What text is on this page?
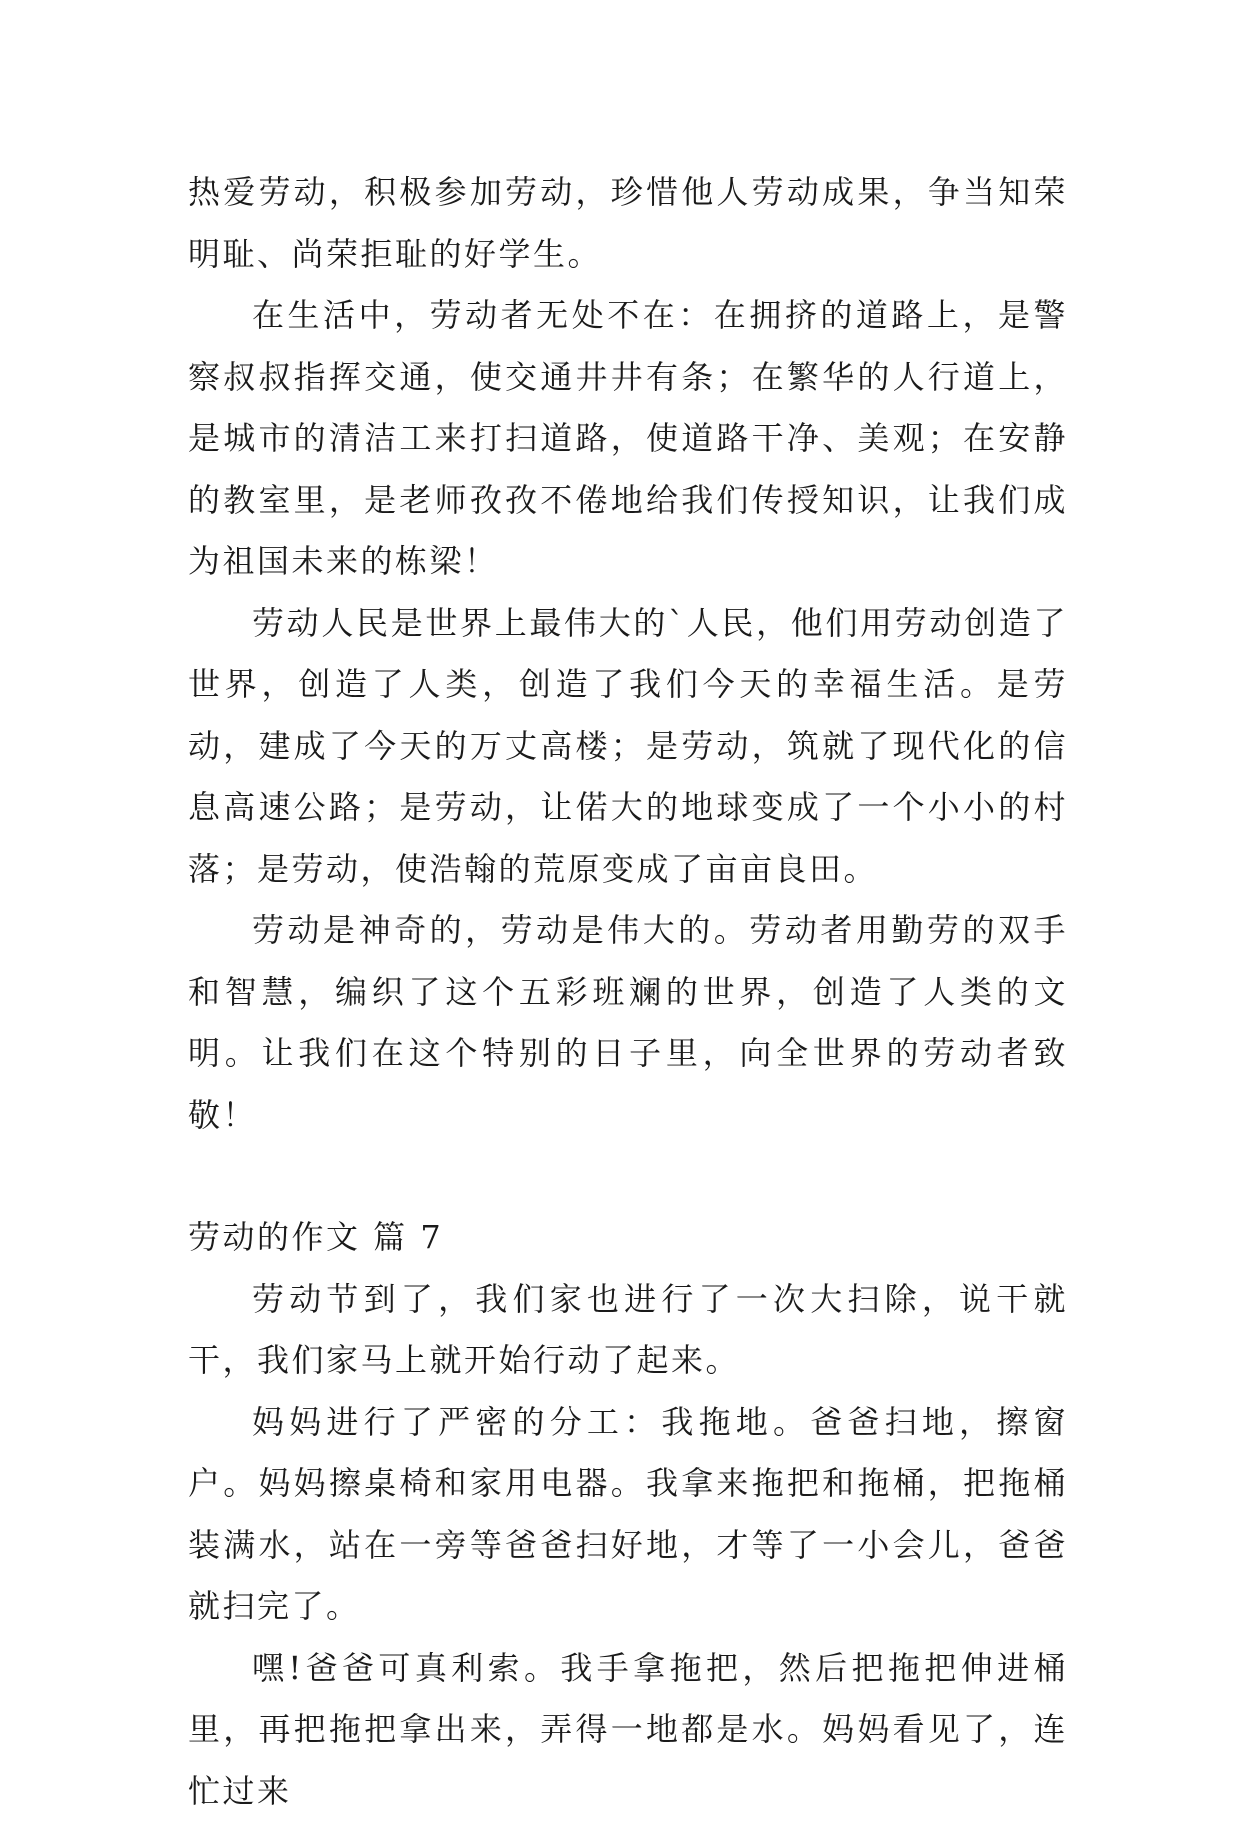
热爱劳动，积极参加劳动，珍惜他人劳动成果，争当知荣明耻、尚荣拒耻的好学生。

在生活中，劳动者无处不在：在拥挤的道路上，是警察叔叔指挥交通，使交通井井有条；在繁华的人行道上，是城市的清洁工来打扫道路，使道路干净、美观；在安静的教室里，是老师孜孜不倦地给我们传授知识，让我们成为祖国未来的栋梁！

劳动人民是世界上最伟大的`人民，他们用劳动创造了世界，创造了人类，创造了我们今天的幸福生活。是劳动，建成了今天的万丈高楼；是劳动，筑就了现代化的信息高速公路；是劳动，让偌大的地球变成了一个小小的村落；是劳动，使浩翰的荒原变成了亩亩良田。

劳动是神奇的，劳动是伟大的。劳动者用勤劳的双手和智慧，编织了这个五彩班斓的世界，创造了人类的文明。让我们在这个特别的日子里，向全世界的劳动者致敬！

劳动的作文 篇 7

劳动节到了，我们家也进行了一次大扫除，说干就干，我们家马上就开始行动了起来。

妈妈进行了严密的分工：我拖地。爸爸扫地，擦窗户。妈妈擦桌椅和家用电器。我拿来拖把和拖桶，把拖桶装满水，站在一旁等爸爸扫好地，才等了一小会儿，爸爸就扫完了。

嘿!爸爸可真利索。我手拿拖把，然后把拖把伸进桶里，再把拖把拿出来，弄得一地都是水。妈妈看见了，连忙过来
